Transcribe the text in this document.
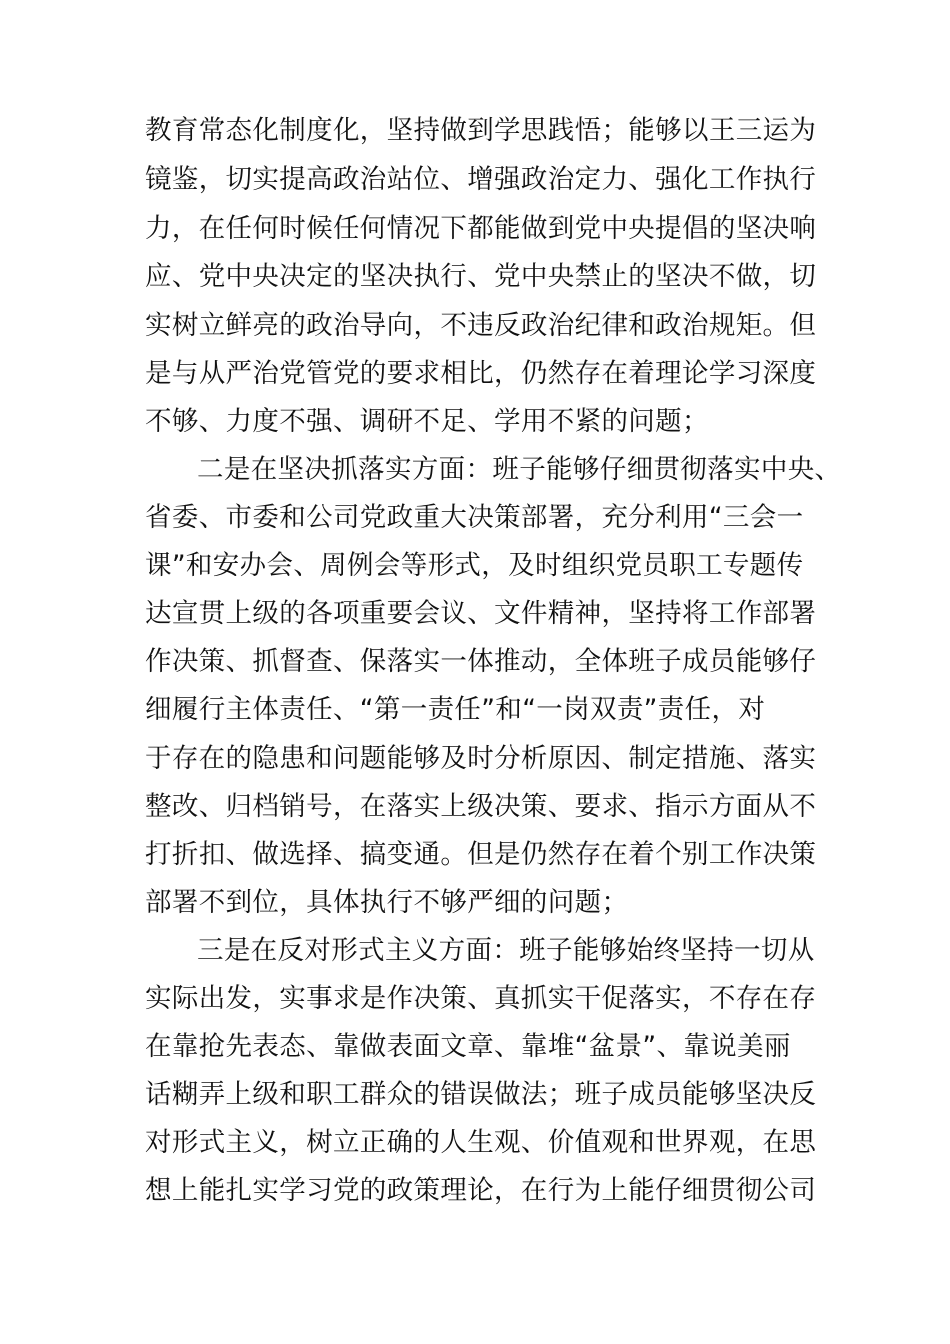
教育常态化制度化，坚持做到学思践悟；能够以王三运为
镜鉴，切实提高政治站位、增强政治定力、强化工作执行
力，在任何时候任何情况下都能做到党中央提倡的坚决响
应、党中央决定的坚决执行、党中央禁止的坚决不做，切
实树立鲜亮的政治导向，不违反政治纪律和政治规矩。但
是与从严治党管党的要求相比，仍然存在着理论学习深度
不够、力度不强、调研不足、学用不紧的问题；
二是在坚决抓落实方面：班子能够仔细贯彻落实中央、
省委、市委和公司党政重大决策部署，充分利用“三会一
课”和安办会、周例会等形式，及时组织党员职工专题传
达宣贯上级的各项重要会议、文件精神，坚持将工作部署
作决策、抓督查、保落实一体推动，全体班子成员能够仔
细履行主体责任、“第一责任”和“一岗双责”责任，对
于存在的隐患和问题能够及时分析原因、制定措施、落实
整改、归档销号，在落实上级决策、要求、指示方面从不
打折扣、做选择、搞变通。但是仍然存在着个别工作决策
部署不到位，具体执行不够严细的问题；
三是在反对形式主义方面：班子能够始终坚持一切从
实际出发，实事求是作决策、真抓实干促落实，不存在存
在靠抢先表态、靠做表面文章、靠堆“盆景”、靠说美丽
话糊弄上级和职工群众的错误做法；班子成员能够坚决反
对形式主义，树立正确的人生观、价值观和世界观，在思
想上能扎实学习党的政策理论，在行为上能仔细贯彻公司
